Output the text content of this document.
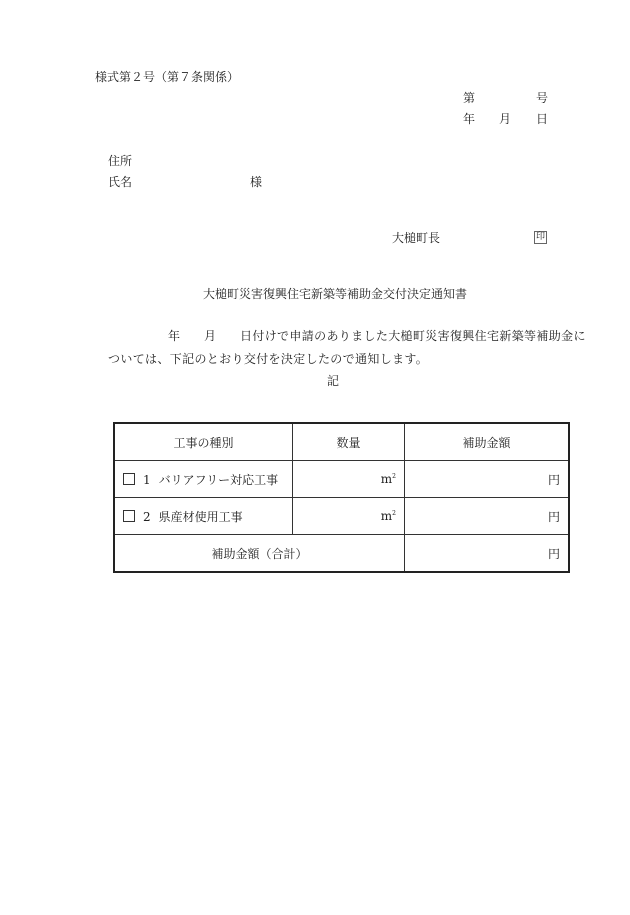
様式第２号（第７条関係）
第	号
年 月 日
住所
氏名	様
大槌町長	印
大槌町災害復興住宅新築等補助金交付決定通知書
年 月 日付けで申請のありました大槌町災害復興住宅新築等補助金に
ついては、下記のとおり交付を決定したので通知します。
記
工事の種別	数量	補助金額
1 バリアフリー対応工事	$m^2$	円
2 県産材使用工事	$m^2$	円
補助金額（合計）		円
